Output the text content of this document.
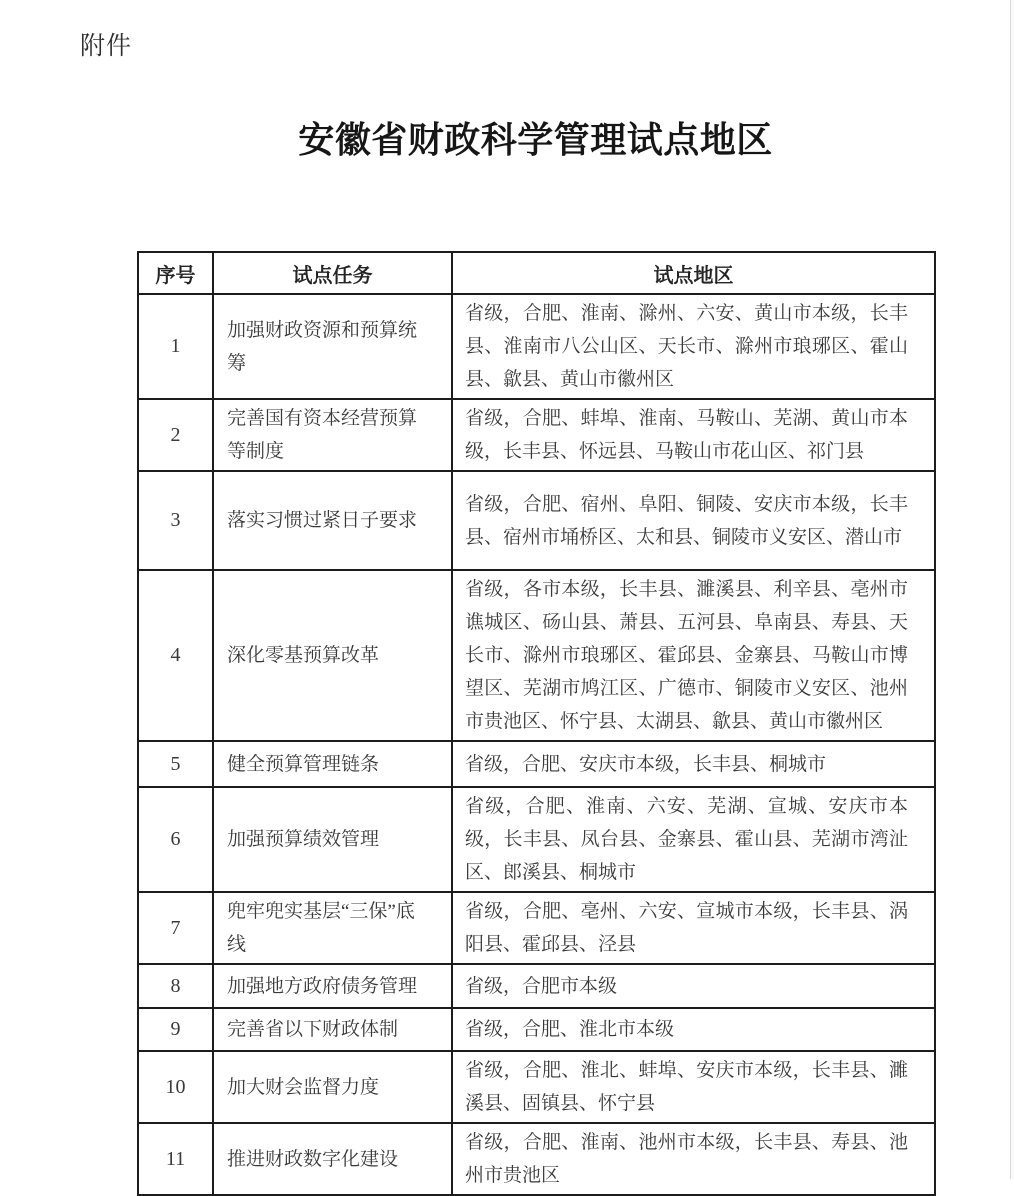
附件
安徽省财政科学管理试点地区
序号	试点任务	试点地区
1	加强财政资源和预算统筹	省级，合肥、淮南、滁州、六安、黄山市本级，长丰县、淮南市八公山区、天长市、滁州市琅琊区、霍山县、歙县、黄山市徽州区
2	完善国有资本经营预算等制度	省级，合肥、蚌埠、淮南、马鞍山、芜湖、黄山市本级，长丰县、怀远县、马鞍山市花山区、祁门县
3	落实习惯过紧日子要求	省级，合肥、宿州、阜阳、铜陵、安庆市本级，长丰县、宿州市埇桥区、太和县、铜陵市义安区、潜山市
4	深化零基预算改革	省级，各市本级，长丰县、濉溪县、利辛县、亳州市谯城区、砀山县、萧县、五河县、阜南县、寿县、天长市、滁州市琅琊区、霍邱县、金寨县、马鞍山市博望区、芜湖市鸠江区、广德市、铜陵市义安区、池州市贵池区、怀宁县、太湖县、歙县、黄山市徽州区
5	健全预算管理链条	省级，合肥、安庆市本级，长丰县、桐城市
6	加强预算绩效管理	省级，合肥、淮南、六安、芜湖、宣城、安庆市本级，长丰县、凤台县、金寨县、霍山县、芜湖市湾沚区、郎溪县、桐城市
7	兜牢兜实基层“三保”底线	省级，合肥、亳州、六安、宣城市本级，长丰县、涡阳县、霍邱县、泾县
8	加强地方政府债务管理	省级，合肥市本级
9	完善省以下财政体制	省级，合肥、淮北市本级
10	加大财会监督力度	省级，合肥、淮北、蚌埠、安庆市本级，长丰县、濉溪县、固镇县、怀宁县
11	推进财政数字化建设	省级，合肥、淮南、池州市本级，长丰县、寿县、池州市贵池区
